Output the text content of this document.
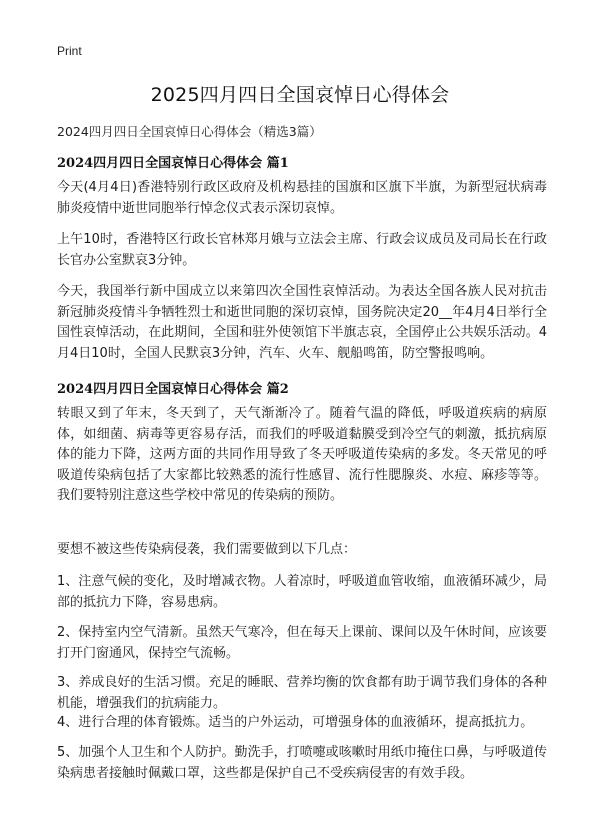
Print
2025四月四日全国哀悼日心得体会
2024四月四日全国哀悼日心得体会（精选3篇）
2024四月四日全国哀悼日心得体会 篇1
今天(4月4日)香港特别行政区政府及机构悬挂的国旗和区旗下半旗，为新型冠状病毒肺炎疫情中逝世同胞举行悼念仪式表示深切哀悼。
上午10时，香港特区行政长官林郑月娥与立法会主席、行政会议成员及司局长在行政长官办公室默哀3分钟。
今天，我国举行新中国成立以来第四次全国性哀悼活动。为表达全国各族人民对抗击新冠肺炎疫情斗争牺牲烈士和逝世同胞的深切哀悼，国务院决定20__年4月4日举行全国性哀悼活动，在此期间，全国和驻外使领馆下半旗志哀，全国停止公共娱乐活动。4月4日10时，全国人民默哀3分钟，汽车、火车、舰船鸣笛，防空警报鸣响。
2024四月四日全国哀悼日心得体会 篇2
转眼又到了年末，冬天到了，天气渐渐冷了。随着气温的降低，呼吸道疾病的病原体，如细菌、病毒等更容易存活，而我们的呼吸道黏膜受到冷空气的刺激，抵抗病原体的能力下降，这两方面的共同作用导致了冬天呼吸道传染病的多发。冬天常见的呼吸道传染病包括了大家都比较熟悉的流行性感冒、流行性腮腺炎、水痘、麻疹等等。我们要特别注意这些学校中常见的传染病的预防。
要想不被这些传染病侵袭，我们需要做到以下几点：
1、注意气候的变化，及时增减衣物。人着凉时，呼吸道血管收缩，血液循环减少，局部的抵抗力下降，容易患病。
2、保持室内空气清新。虽然天气寒冷，但在每天上课前、课间以及午休时间，应该要打开门窗通风，保持空气流畅。
3、养成良好的生活习惯。充足的睡眠、营养均衡的饮食都有助于调节我们身体的各种机能，增强我们的抗病能力。
4、进行合理的体育锻炼。适当的户外运动，可增强身体的血液循环，提高抵抗力。
5、加强个人卫生和个人防护。勤洗手，打喷嚏或咳嗽时用纸巾掩住口鼻，与呼吸道传染病患者接触时佩戴口罩，这些都是保护自己不受疾病侵害的有效手段。
